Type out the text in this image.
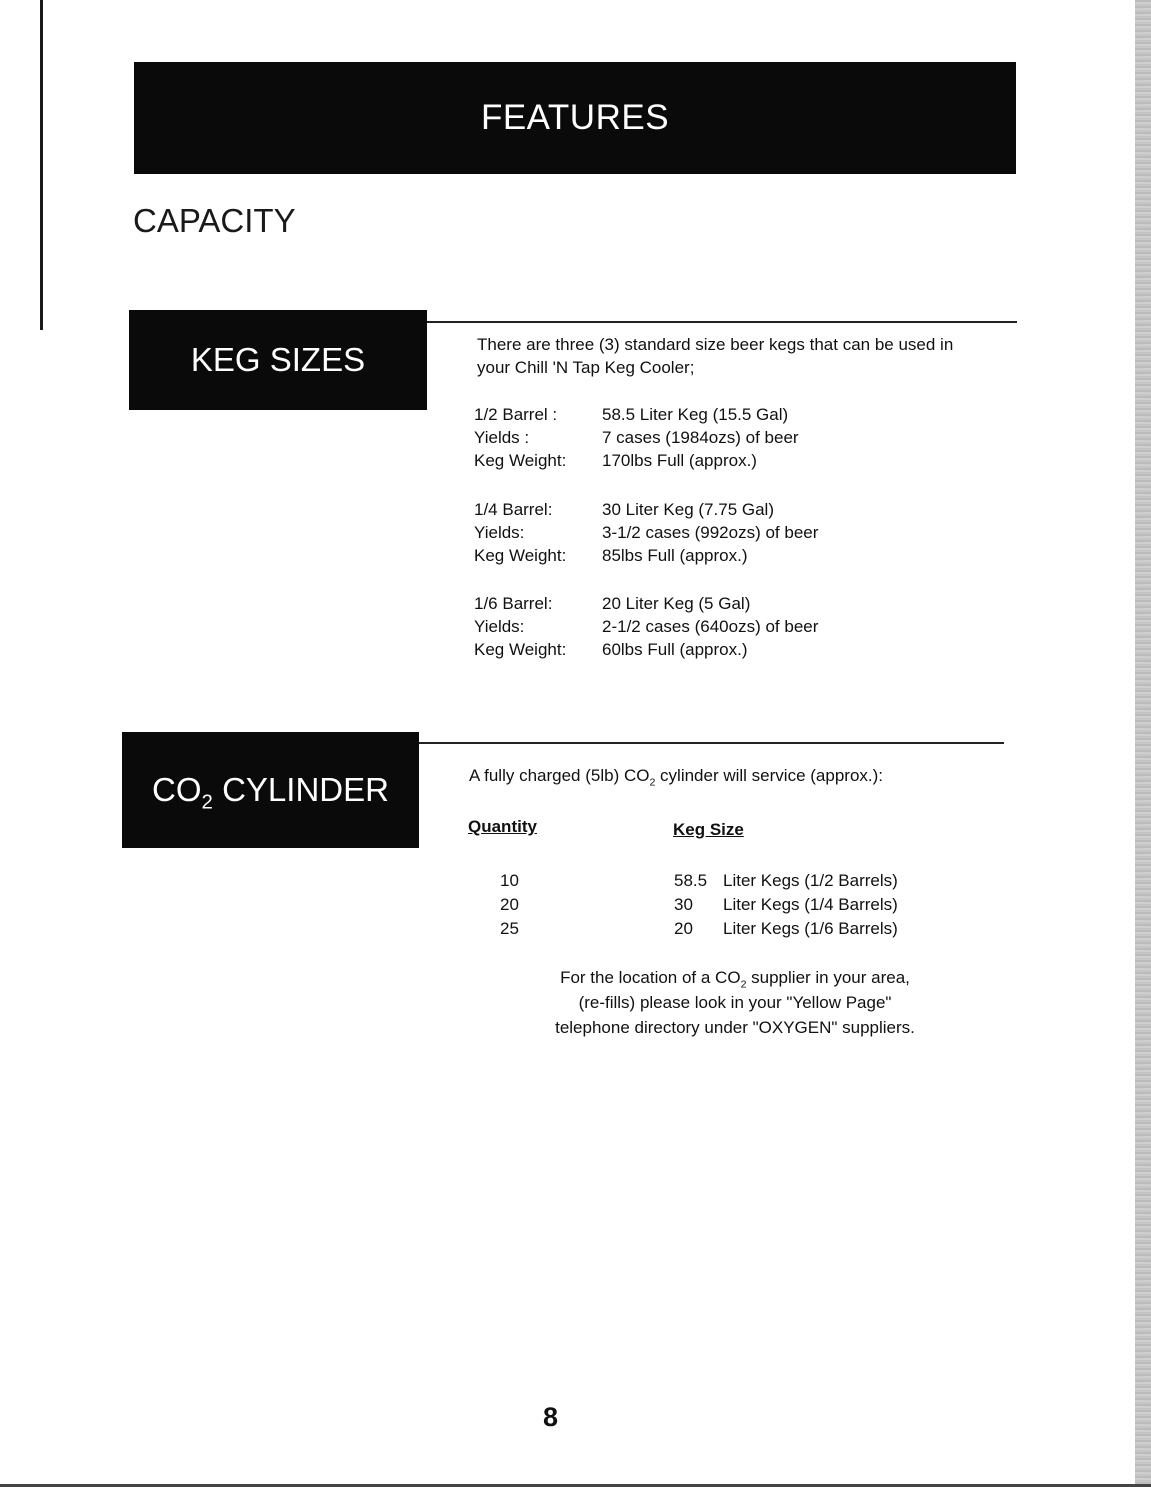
FEATURES
CAPACITY
KEG SIZES	There are three (3) standard size beer kegs that can be used in your Chill 'N Tap Keg Cooler;
1/2 Barrel :	58.5 Liter Keg (15.5 Gal)
Yields :	7 cases (1984ozs) of beer
Keg Weight:	170lbs Full (approx.)
1/4 Barrel:	30 Liter Keg (7.75 Gal)
Yields:	3-1/2 cases (992ozs) of beer
Keg Weight:	85lbs Full (approx.)
1/6 Barrel:	20 Liter Keg (5 Gal)
Yields:	2-1/2 cases (640ozs) of beer
Keg Weight:	60lbs Full (approx.)
$CO_2$ CYLINDER	A fully charged (5lb) $CO_2$ cylinder will service (approx.):
Quantity	Keg Size
10	58.5 Liter Kegs (1/2 Barrels)
20	30	Liter Kegs (1/4 Barrels)
25	20	Liter Kegs (1/6 Barrels)
For the location of a $CO_2$ supplier in your area,
(re-fills) please look in your "Yellow Page"
telephone directory under "OXYGEN" suppliers.
8
